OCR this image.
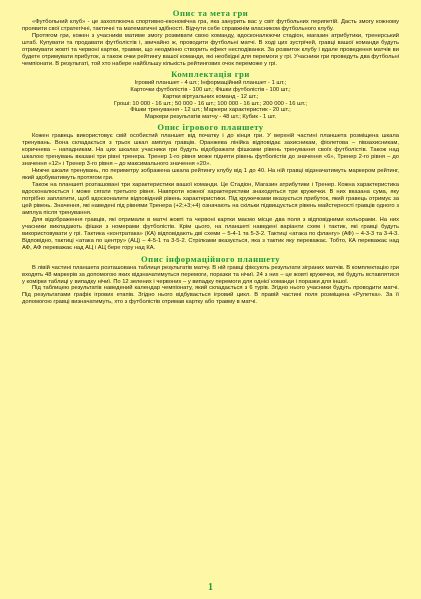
Опис та мета гри

«Футбольний клуб» - це захоплююча спортивно-економічна гра, яка занурить вас у світ футбольних перипетій. Дасть змогу кожному проявити свої стратегічні, тактичні та математичні здібності. Відчути себе справжнім власником футбольного клубу.

Протягом гри, кожен з учасників матиме змогу розвивати свою команду, вдосконалюючи стадіон, магазин атрибутики, тренерський штаб. Купувати та продавати футболістів і, звичайно ж, проводити футбольні матчі. В ході цих зустрічей, гравці вашої команди будуть отримувати жовті та червоні картки, травми, що неодмінно створить ефект несподіванки. За розвиток клубу і вдале проведення матчів ви будете отримувати прибуток, а також очки рейтингу вашої команди, які необхідні для перемоги у грі. Учасники гри проведуть два футбольні чемпіонати. В результаті, той хто набере найбільшу кількість рейтингових очок переможе у грі.

Комплектація гри

Ігровий планшет - 4 шт.; Інформаційний планшет - 1 шт.;

Карточки футболістів - 100 шт.; Фішки футболістів - 100 шт.;

Картки віртуальних команд - 12 шт.;

Гроші: 10 000 - 16 шт.; 50 000 - 16 шт.; 100 000 - 16 шт.; 200 000 - 16 шт.;

Фішки тренування - 12 шт.; Маркери характеристик - 20 шт.;

Маркери результатів матчу - 48 шт.; Кубик - 1 шт.

Опис ігрового планшету

Кожен гравець використовує свій особистий планшет від початку і до кінця гри. У верхній частині планшета розміщена шкала тренувань. Вона складається з трьох шкал амплуа гравців. Оранжева лінійка відповідає захисникам, фіолетова – півзахисникам, коричнева – нападникам. На цих шкалах учасники гри будуть відображати фішками рівень тренування своїх футболістів. Також над шкалою тренувань вказані три рівні тренера. Тренер 1-го рівня може підняти рівень футболістів до значення «6», Тренер 2-го рівня – до значення «12» і Тренер 3-го рівня – до максимального значення «20».

Нижче шкали тренувань, по периметру зображена шкала рейтингу клубу від 1 до 40. На ній гравці відзначатимуть маркером рейтинг, який здобуватимуть протягом гри.

Також на планшеті розташовані три характеристики вашої команди. Це Стадіон, Магазин атрибутики і Тренер. Кожна характеристика вдосконалюється і може сягати третього рівня. Навпроти кожної характеристики знаходяться три кружечки. В них вказана сума, яку потрібно заплатити, щоб вдосконалити відповідний рівень характеристики. Під кружечками вказується прибуток, який гравець отримує за цей рівень. Значення, які наведені під рівнями Тренера (+2;+3;+4) означають на скільки підвищується рівень майстерності гравців одного з амплуа після тренування.

Для відображення гравців, які отримали в матчі жовті та червоні картки маємо місце два поля з відповідними кольорами. На них учасники викладають фішки з номерами футболістів. Крім цього, на планшеті наведені варіанти схем і тактик, які гравці будуть використовувати у грі. Тактика «контратака» (КА) відповідають дві схеми – 5-4-1 та 5-3-2. Тактиці «атака по флангу» (АФ) – 4-3-3 та 3-4-3. Відповідно, тактиці «атака по центру» (АЦ) – 4-5-1 та 3-5-2. Стрілками вказується, яка з тактик яку переважає. Тобто, КА переважає над АФ, АФ переважає над АЦ і АЦ бере гору над КА.

Опис інформаційного планшету

В лівій частині планшета розташована таблиця результатів матчу. В ній гравці фіксують результати зіграних матчів. В комплектацію гри входять 48 маркерів за допомогою яких відзначатимуться перемоги, поразки та нічиї. 24 з них – це жовті кружечки, які будуть вставлятися у комірки таблиці у випадку нічиї. По 12 зелених і червоних – у випадку перемоги для однієї команди і поразки для іншої.

Під таблицею результатів наведений календар чемпіонату, який складається з 6 турів. Згідно нього учасники будуть проводити матчі. Під результатами графік ігрових етапів. Згідно нього відбувається ігровий цикл. В правій частині поля розміщена «Рулетка». За її допомогою гравці визначатимуть, хто з футболістів отримав картку або травму в матчі.

1
